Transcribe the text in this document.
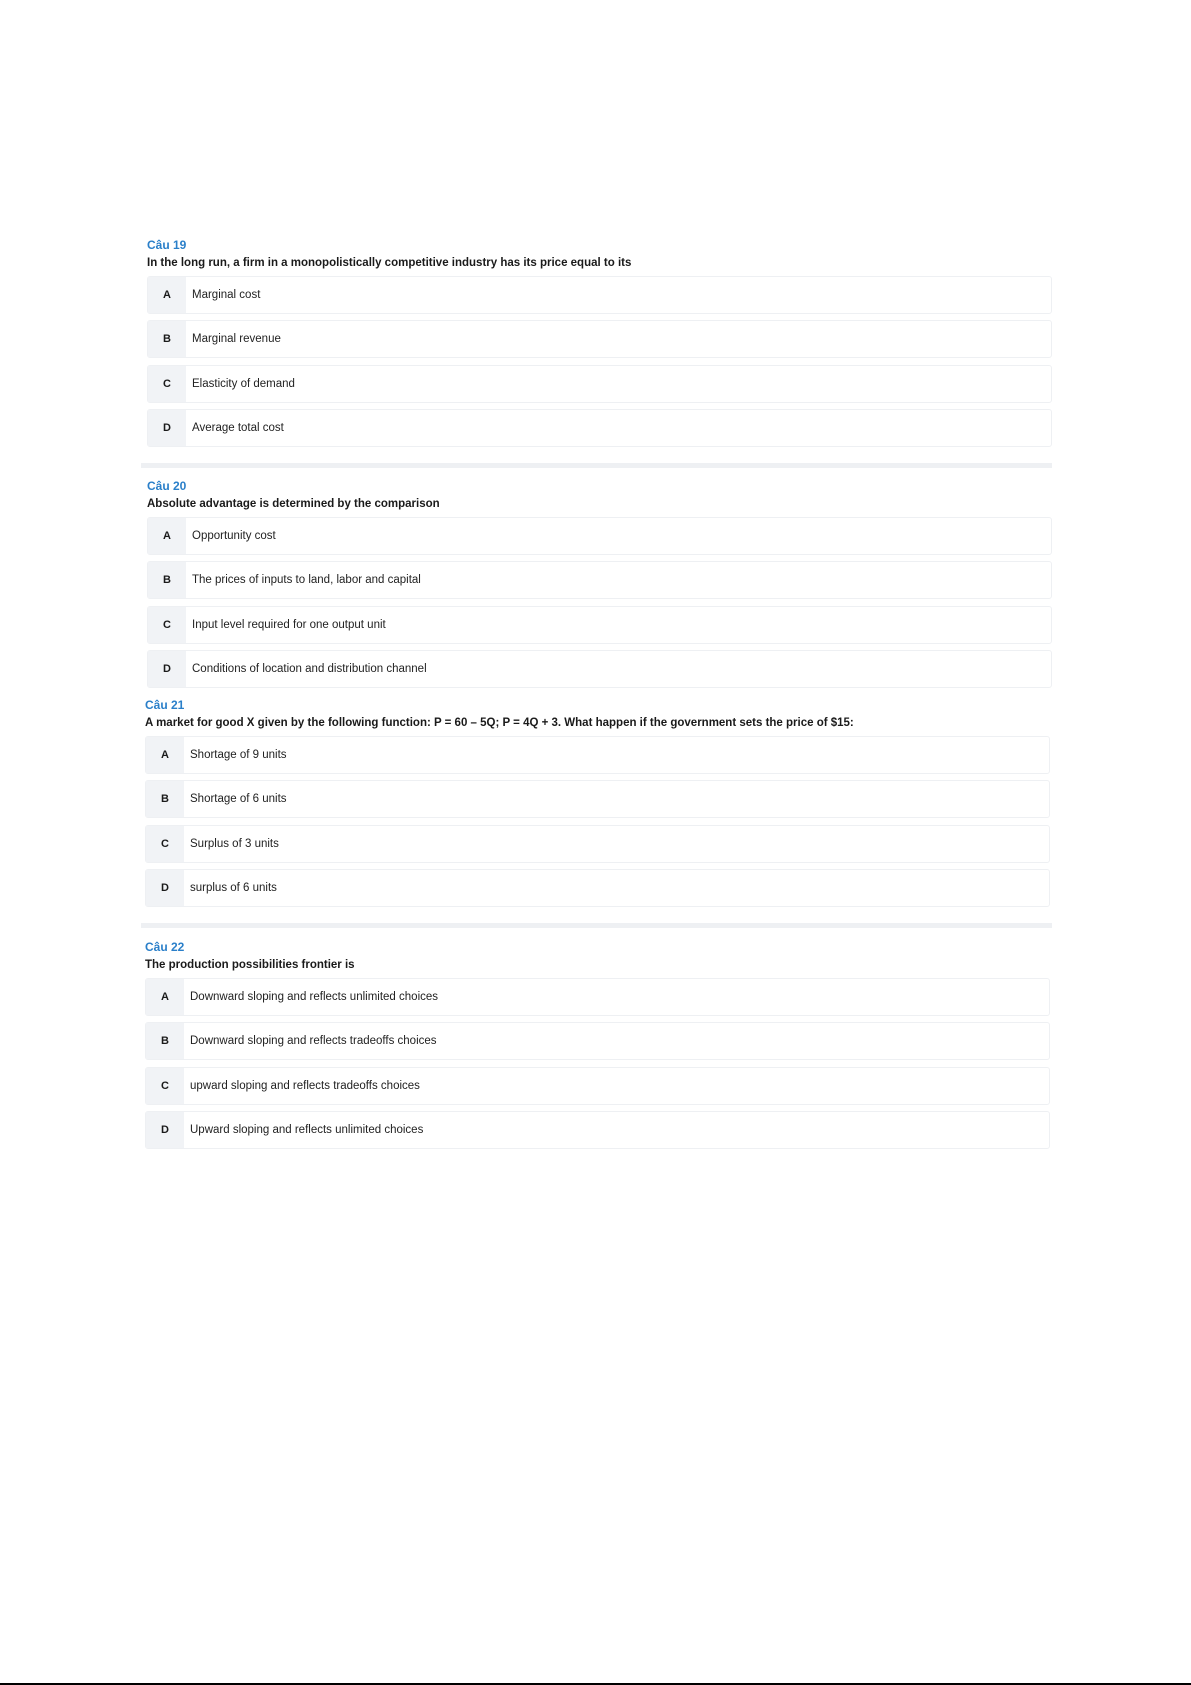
Câu 19
In the long run, a firm in a monopolistically competitive industry has its price equal to its
A	Marginal cost
B	Marginal revenue
C	Elasticity of demand
D	Average total cost
Câu 20
Absolute advantage is determined by the comparison
A	Opportunity cost
B	The prices of inputs to land, labor and capital
C	Input level required for one output unit
D	Conditions of location and distribution channel
Câu 21
A market for good X given by the following function: P = 60 – 5Q; P = 4Q + 3. What happen if the government sets the price of $15:
A	Shortage of 9 units
B	Shortage of 6 units
C	Surplus of 3 units
D	surplus of 6 units
Câu 22
The production possibilities frontier is
A	Downward sloping and reflects unlimited choices
B	Downward sloping and reflects tradeoffs choices
C	upward sloping and reflects tradeoffs choices
D	Upward sloping and reflects unlimited choices
